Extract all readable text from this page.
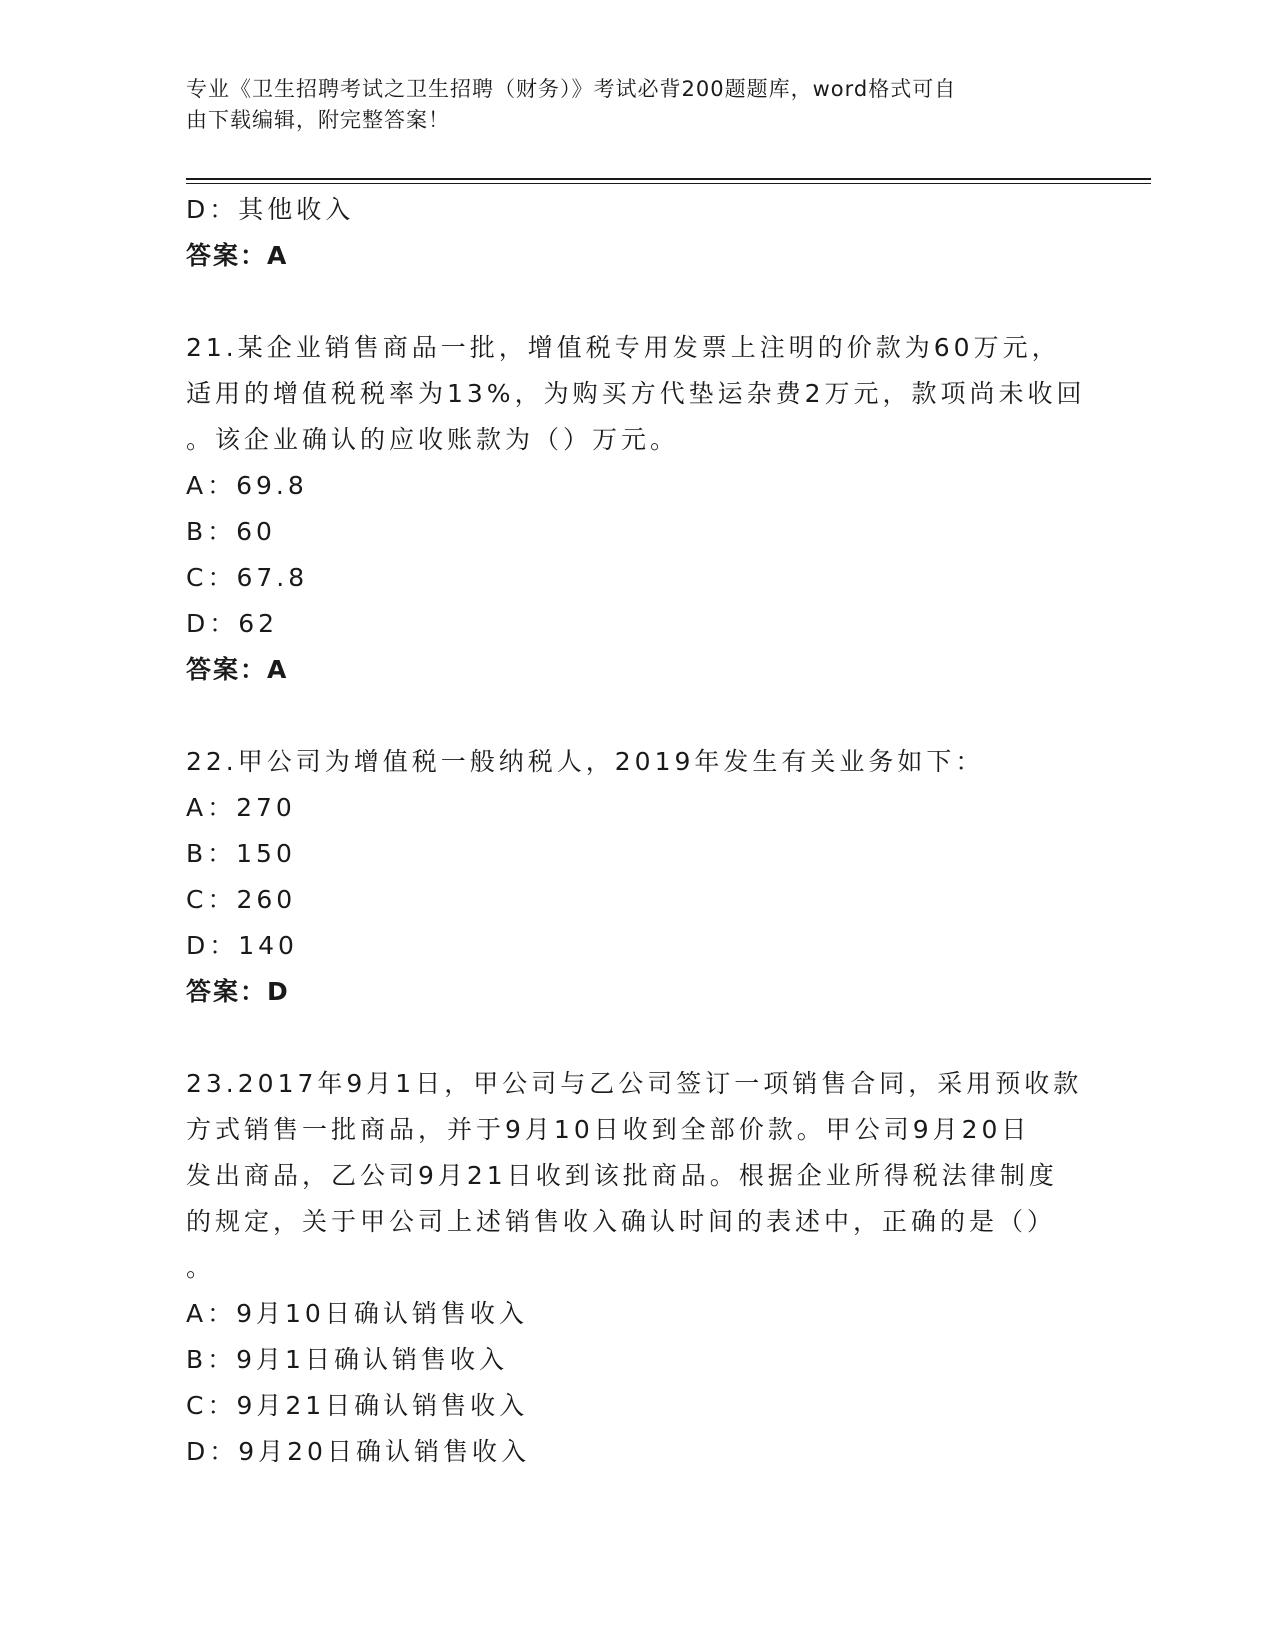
专业《卫生招聘考试之卫生招聘（财务）》考试必背200题题库，word格式可自
由下载编辑，附完整答案！
D：其他收入
答案：A
21.某企业销售商品一批，增值税专用发票上注明的价款为60万元，
适用的增值税税率为13%，为购买方代垫运杂费2万元，款项尚未收回
。该企业确认的应收账款为（）万元。
A：69.8
B：60
C：67.8
D：62
答案：A
22.甲公司为增值税一般纳税人，2019年发生有关业务如下：
A：270
B：150
C：260
D：140
答案：D
23.2017年9月1日，甲公司与乙公司签订一项销售合同，采用预收款
方式销售一批商品，并于9月10日收到全部价款。甲公司9月20日
发出商品，乙公司9月21日收到该批商品。根据企业所得税法律制度
的规定，关于甲公司上述销售收入确认时间的表述中，正确的是（）
。
A：9月10日确认销售收入
B：9月1日确认销售收入
C：9月21日确认销售收入
D：9月20日确认销售收入
